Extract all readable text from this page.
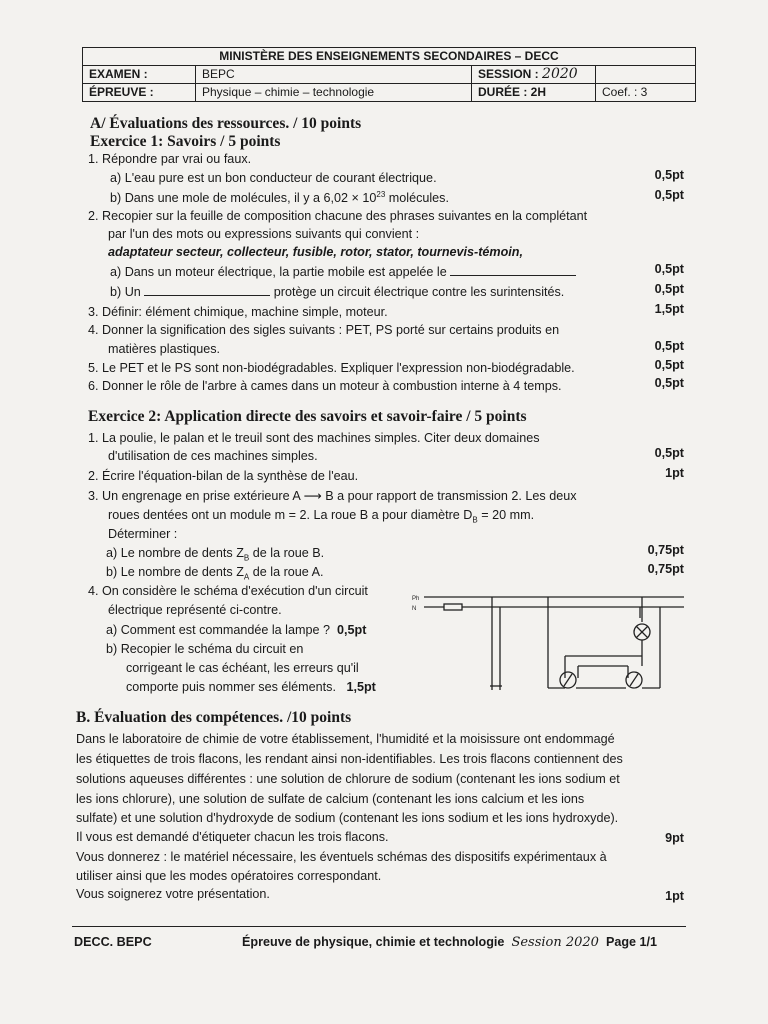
MINISTÈRE DES ENSEIGNEMENTS SECONDAIRES – DECC
EXAMEN :	BEPC	SESSION : 2020
ÉPREUVE :	Physique – chimie – technologie	DURÉE : 2H	Coef. : 3
A/ Évaluations des ressources. / 10 points
Exercice 1: Savoirs / 5 points
1. Répondre par vrai ou faux.
a) L'eau pure est un bon conducteur de courant électrique.	0,5pt
b) Dans une mole de molécules, il y a $6,02 \times 10^{23}$ molécules.	0,5pt
2. Recopier sur la feuille de composition chacune des phrases suivantes en la complétant
par l'un des mots ou expressions suivants qui convient :
adaptateur secteur, collecteur, fusible, rotor, stator, tournevis-témoin,
a) Dans un moteur électrique, la partie mobile est appelée le	0,5pt
b) Un	protège un circuit électrique contre les surintensités.	0,5pt
3. Définir: élément chimique, machine simple, moteur.	1,5pt
4. Donner la signification des sigles suivants : PET, PS porté sur certains produits en
matières plastiques.	0,5pt
5. Le PET et le PS sont non-biodégradables. Expliquer l'expression non-biodégradable.	0,5pt
6. Donner le rôle de l'arbre à cames dans un moteur à combustion interne à 4 temps.	0,5pt
Exercice 2: Application directe des savoirs et savoir-faire / 5 points
1. La poulie, le palan et le treuil sont des machines simples. Citer deux domaines
d'utilisation de ces machines simples.	0,5pt
2. Écrire l'équation-bilan de la synthèse de l'eau.	1pt
3. Un engrenage en prise extérieure A ⟶ B a pour rapport de transmission 2. Les deux
roues dentées ont un module m = 2. La roue B a pour diamètre $D_B = 20$ mm.
Déterminer :
a) Le nombre de dents $Z_B$ de la roue B.	0,75pt
b) Le nombre de dents $Z_A$ de la roue A.	0,75pt
4. On considère le schéma d'exécution d'un circuit
électrique représenté ci-contre.
a) Comment est commandée la lampe ? 0,5pt
b) Recopier le schéma du circuit en
corrigeant le cas échéant, les erreurs qu'il
comporte puis nommer ses éléments. 1,5pt
Ph
N
B. Évaluation des compétences. /10 points
Dans le laboratoire de chimie de votre établissement, l'humidité et la moisissure ont endommagé
les étiquettes de trois flacons, les rendant ainsi non-identifiables. Les trois flacons contiennent des
solutions aqueuses différentes : une solution de chlorure de sodium (contenant les ions sodium et
les ions chlorure), une solution de sulfate de calcium (contenant les ions calcium et les ions
sulfate) et une solution d'hydroxyde de sodium (contenant les ions sodium et les ions hydroxyde).
Il vous est demandé d'étiqueter chacun les trois flacons.	9pt
Vous donnerez : le matériel nécessaire, les éventuels schémas des dispositifs expérimentaux à
utiliser ainsi que les modes opératoires correspondant.
Vous soignerez votre présentation.	1pt
DECC. BEPC	Épreuve de physique, chimie et technologie Session 2020 Page 1/1
